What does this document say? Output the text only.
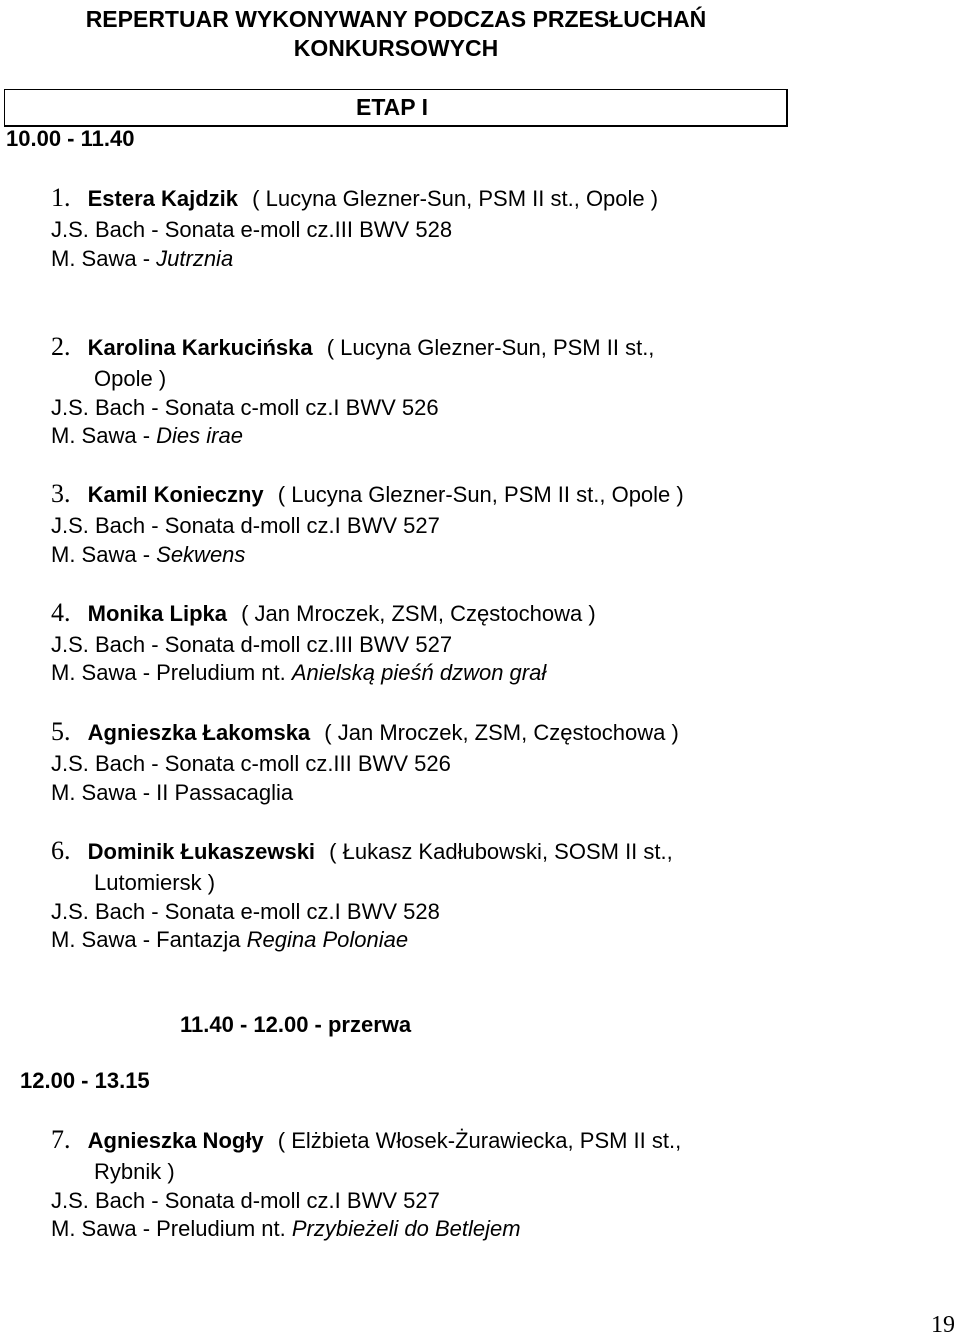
REPERTUAR WYKONYWANY PODCZAS PRZESŁUCHAŃ
KONKURSOWYCH
ETAP I
10.00 - 11.40
1. Estera Kajdzik ( Lucyna Glezner-Sun, PSM II st., Opole )
J.S. Bach - Sonata e-moll cz.III BWV 528
M. Sawa - Jutrznia
2. Karolina Karkucińska ( Lucyna Glezner-Sun, PSM II st.,
Opole )
J.S. Bach - Sonata c-moll cz.I BWV 526
M. Sawa - Dies irae
3. Kamil Konieczny ( Lucyna Glezner-Sun, PSM II st., Opole )
J.S. Bach - Sonata d-moll cz.I BWV 527
M. Sawa - Sekwens
4. Monika Lipka ( Jan Mroczek, ZSM, Częstochowa )
J.S. Bach - Sonata d-moll cz.III BWV 527
M. Sawa - Preludium nt. Anielską pieśń dzwon grał
5. Agnieszka Łakomska ( Jan Mroczek, ZSM, Częstochowa )
J.S. Bach - Sonata c-moll cz.III BWV 526
M. Sawa - II Passacaglia
6. Dominik Łukaszewski ( Łukasz Kadłubowski, SOSM II st.,
Lutomiersk )
J.S. Bach - Sonata e-moll cz.I BWV 528
M. Sawa - Fantazja Regina Poloniae
11.40 - 12.00 - przerwa
12.00 - 13.15
7. Agnieszka Nogły ( Elżbieta Włosek-Żurawiecka, PSM II st.,
Rybnik )
J.S. Bach - Sonata d-moll cz.I BWV 527
M. Sawa - Preludium nt. Przybieżeli do Betlejem
19
